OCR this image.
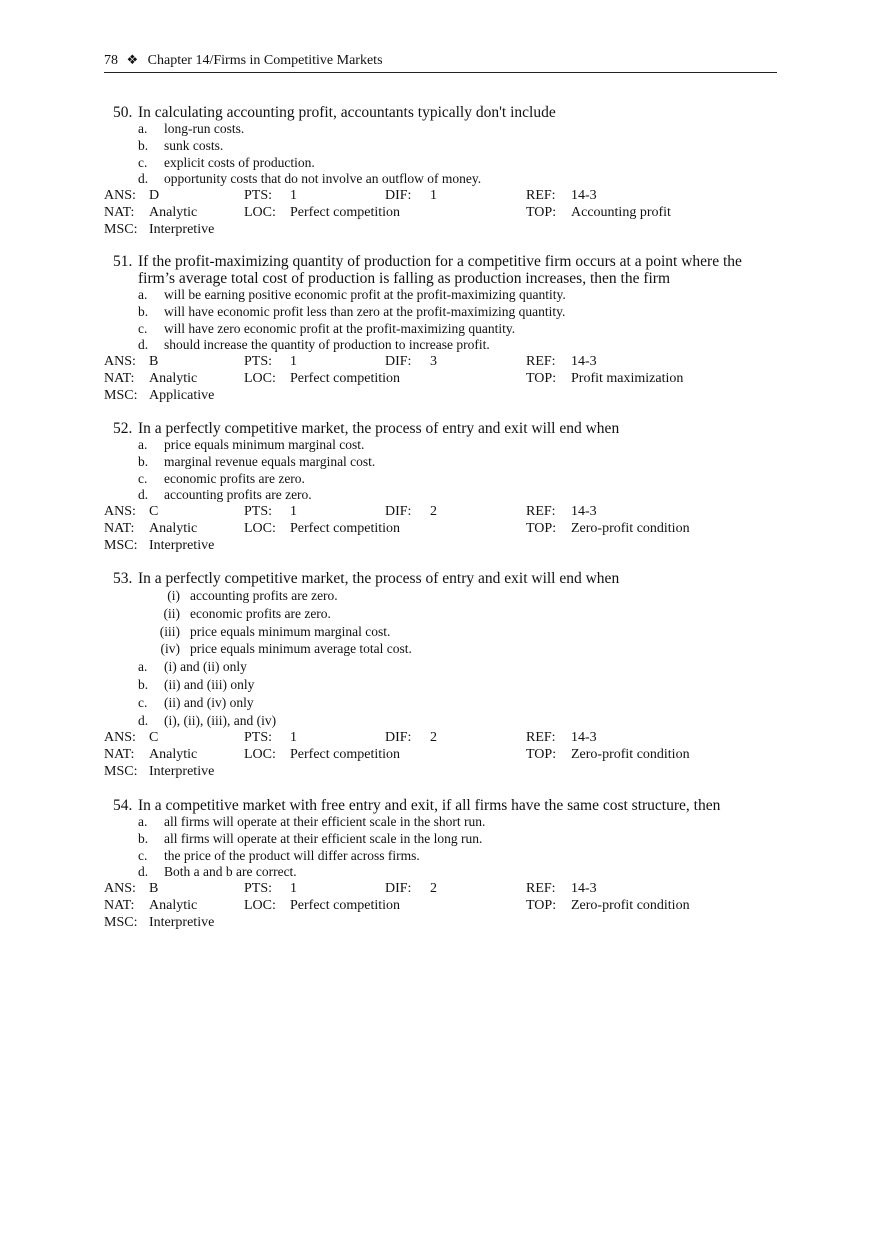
78 ❖ Chapter 14/Firms in Competitive Markets
50. In calculating accounting profit, accountants typically don't include
a. long-run costs.
b. sunk costs.
c. explicit costs of production.
d. opportunity costs that do not involve an outflow of money.
ANS: D	PTS: 1	DIF: 1	REF: 14-3
NAT: Analytic	LOC: Perfect competition	TOP: Accounting profit
MSC: Interpretive
51. If the profit-maximizing quantity of production for a competitive firm occurs at a point where the firm’s average total cost of production is falling as production increases, then the firm
a. will be earning positive economic profit at the profit-maximizing quantity.
b. will have economic profit less than zero at the profit-maximizing quantity.
c. will have zero economic profit at the profit-maximizing quantity.
d. should increase the quantity of production to increase profit.
ANS: B	PTS: 1	DIF: 3	REF: 14-3
NAT: Analytic	LOC: Perfect competition	TOP: Profit maximization
MSC: Applicative
52. In a perfectly competitive market, the process of entry and exit will end when
a. price equals minimum marginal cost.
b. marginal revenue equals marginal cost.
c. economic profits are zero.
d. accounting profits are zero.
ANS: C	PTS: 1	DIF: 2	REF: 14-3
NAT: Analytic	LOC: Perfect competition	TOP: Zero-profit condition
MSC: Interpretive
53. In a perfectly competitive market, the process of entry and exit will end when
(i) accounting profits are zero.
(ii) economic profits are zero.
(iii) price equals minimum marginal cost.
(iv) price equals minimum average total cost.
a. (i) and (ii) only
b. (ii) and (iii) only
c. (ii) and (iv) only
d. (i), (ii), (iii), and (iv)
ANS: C	PTS: 1	DIF: 2	REF: 14-3
NAT: Analytic	LOC: Perfect competition	TOP: Zero-profit condition
MSC: Interpretive
54. In a competitive market with free entry and exit, if all firms have the same cost structure, then
a. all firms will operate at their efficient scale in the short run.
b. all firms will operate at their efficient scale in the long run.
c. the price of the product will differ across firms.
d. Both a and b are correct.
ANS: B	PTS: 1	DIF: 2	REF: 14-3
NAT: Analytic	LOC: Perfect competition	TOP: Zero-profit condition
MSC: Interpretive
